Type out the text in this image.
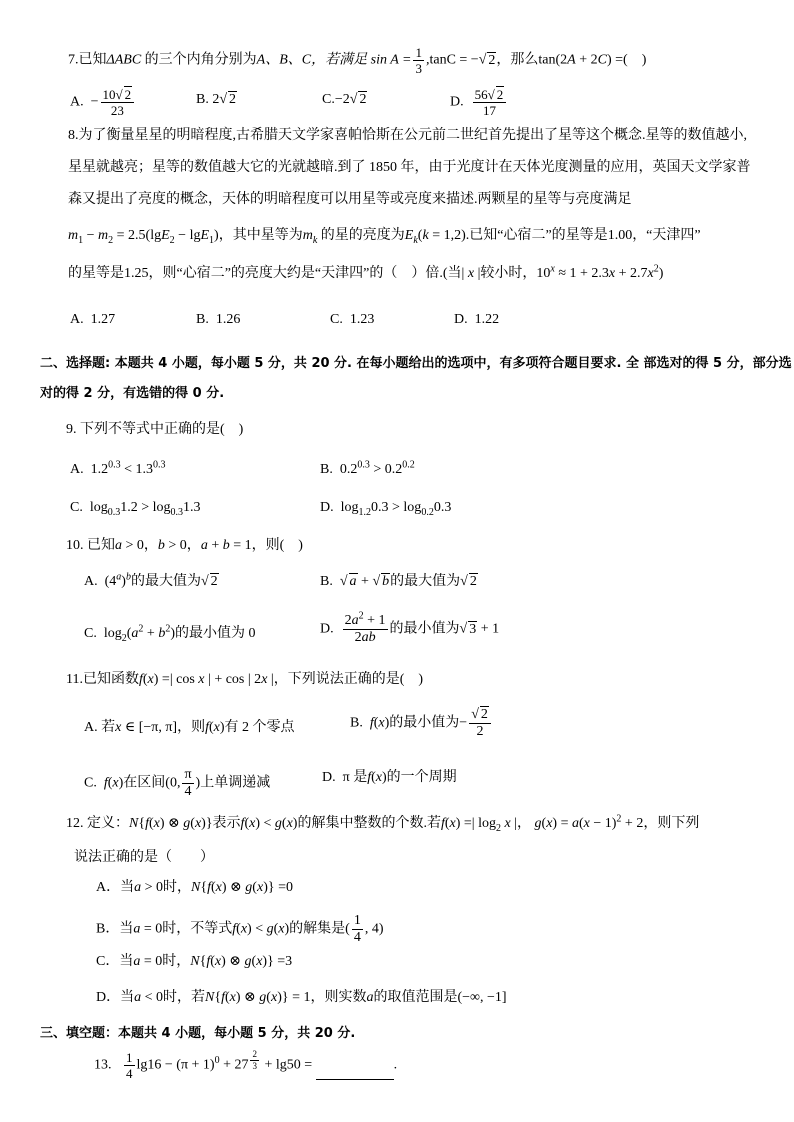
7.已知ΔABC 的三个内角分别为A、B、C，若满足 $\sin A = \frac{1}{3} ,\tan C$ = −√ 2，那么tan(2A + 2C) =(　)
A.  − $\frac{10√ 2}{23}$	B. 2√ 2	C.−2√ 2	D. $\frac{56√ 2}{17}$
8.为了衡量星星的明暗程度,古希腊天文学家喜帕恰斯在公元前二世纪首先提出了星等这个概念.星等的数值越小,
星星就越亮；星等的数值越大它的光就越暗.到了 1850 年，由于光度计在天体光度测量的应用，英国天文学家普
森又提出了亮度的概念，天体的明暗程度可以用星等或亮度来描述.两颗星的星等与亮度满足
$m_1 - m_2 = 2.5(\lg E_2 - \lg E_1)$，其中星等为$m_k$ 的星的亮度为$E_k(k = 1,2)$.已知“心宿二”的星等是1.00，“天津四”
的星等是1.25，则“心宿二”的亮度大约是“天津四”的（　）倍.(当| x |较小时，$10^x \approx 1 + 2.3x + 2.7x^2$)
A. 1.27	B. 1.26	C. 1.23	D. 1.22
二、选择题: 本题共 4 小题，每小题 5 分，共 20 分. 在每小题给出的选项中，有多项符合题目要求. 全 部选对的得 5 分，部分选
对的得 2 分，有选错的得 0 分.
9. 下列不等式中正确的是(　)
A.  $1.2^{0.3} < 1.3^{0.3}$	B.  $0.2^{0.3} > 0.2^{0.2}$
C.  $\log_{0.3}1.2 > \log_{0.3}1.3$	D.  $\log_{1.2}0.3 > \log_{0.2}0.3$
10. 已知a > 0，b > 0，a + b = 1，则(　)
A.  $(4^a)^b$的最大值为√ 2	B. √ a + √ b的最大值为√ 2
C.  $\log_2(a^2 + b^2)$的最小值为 0	D. $\frac{2a^2 + 1}{2ab}$ 的最小值为√ 3 + 1
11.已知函数f(x) =| cos x | + cos | 2x |，下列说法正确的是(　)
A. 若x ∈ [−π, π]，则f(x)有 2 个零点	B. f(x)的最小值为− $\frac{√ 2}{2}$
C. f(x)在区间(0, $\frac{\pi}{4}$ )上单调递减	D.  π 是f(x)的一个周期
12. 定义：N{f(x) ⊗ g(x)}表示f(x) < g(x)的解集中整数的个数.若f(x) =| $\log_2 x$ |， $g(x) = a(x - 1)^2 + 2$，则下列
说法正确的是（　　）
A．当a > 0时，N{f(x) ⊗ g(x)} =0
B．当a = 0时，不等式f(x) < g(x)的解集是( $\frac{1}{4}$ , 4)
C．当a = 0时，N{f(x) ⊗ g(x)} =3
D．当a < 0时，若N{f(x) ⊗ g(x)} = 1，则实数a的取值范围是(−∞, −1]
三、填空题：本题共 4 小题，每小题 5 分，共 20 分.
13. $\frac{1}{4} \lg 16 - (\pi + 1)^0 + 27$ $^{\frac{2}{3}}$ + lg50 =	.
